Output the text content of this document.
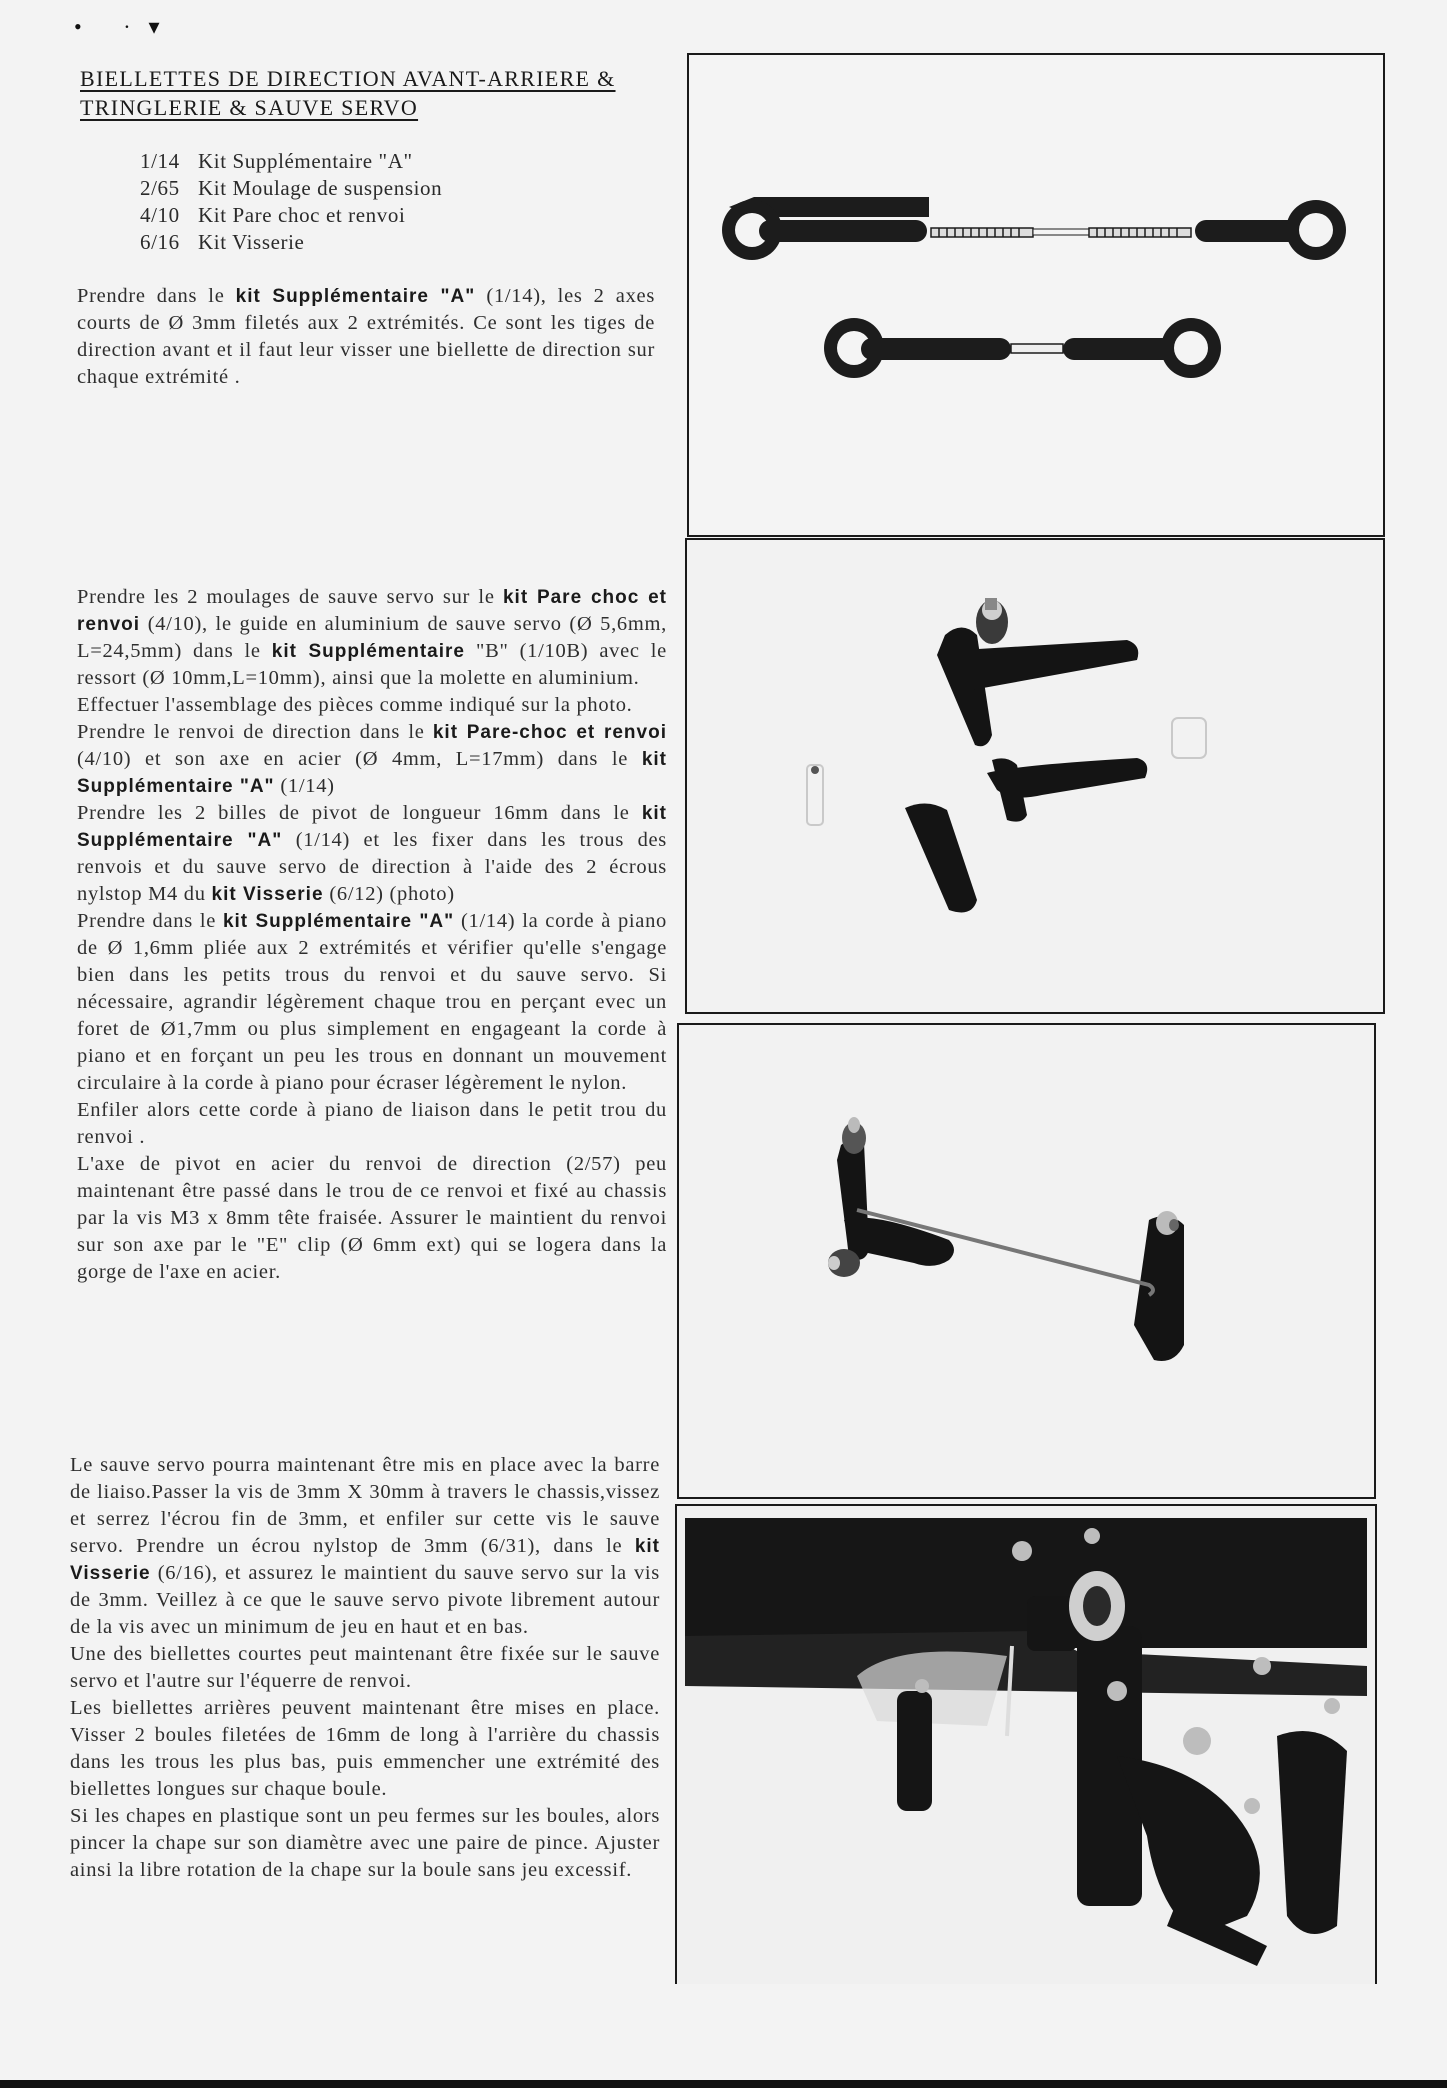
• ·▾
BIELLETTES DE DIRECTION AVANT-ARRIERE &
TRINGLERIE & SAUVE SERVO
1/14 Kit Supplémentaire "A"
2/65 Kit Moulage de suspension
4/10 Kit Pare choc et renvoi
6/16 Kit Visserie

Prendre dans le kit Supplémentaire "A" (1/14), les 2 axes courts de Ø 3mm filetés aux 2 extrémités. Ce sont les tiges de direction avant et il faut leur visser une biellette de direction sur chaque extrémité .

Prendre les 2 moulages de sauve servo sur le kit Pare choc et renvoi (4/10), le guide en aluminium de sauve servo (Ø 5,6mm, L=24,5mm) dans le kit Supplémentaire "B" (1/10B) avec le ressort (Ø 10mm,L=10mm), ainsi que la molette en aluminium.

Effectuer l'assemblage des pièces comme indiqué sur la photo.

Prendre le renvoi de direction dans le kit Pare-choc et renvoi (4/10) et son axe en acier (Ø 4mm, L=17mm) dans le kit Supplémentaire "A" (1/14)

Prendre les 2 billes de pivot de longueur 16mm dans le kit Supplémentaire "A" (1/14) et les fixer dans les trous des renvois et du sauve servo de direction à l'aide des 2 écrous nylstop M4 du kit Visserie (6/12) (photo)

Prendre dans le kit Supplémentaire "A" (1/14) la corde à piano de Ø 1,6mm pliée aux 2 extrémités et vérifier qu'elle s'engage bien dans les petits trous du renvoi et du sauve servo. Si nécessaire, agrandir légèrement chaque trou en perçant evec un foret de Ø1,7mm ou plus simplement en engageant la corde à piano et en forçant un peu les trous en donnant un mouvement circulaire à la corde à piano pour écraser légèrement le nylon.

Enfiler alors cette corde à piano de liaison dans le petit trou du renvoi .

L'axe de pivot en acier du renvoi de direction (2/57) peu maintenant être passé dans le trou de ce renvoi et fixé au chassis par la vis M3 x 8mm tête fraisée. Assurer le maintient du renvoi sur son axe par le "E" clip (Ø 6mm ext) qui se logera dans la gorge de l'axe en acier.

Le sauve servo pourra maintenant être mis en place avec la barre de liaiso.Passer la vis de 3mm X 30mm à travers le chassis,vissez et serrez l'écrou fin de 3mm, et enfiler sur cette vis le sauve servo. Prendre un écrou nylstop de 3mm (6/31), dans le kit Visserie (6/16), et assurez le maintient du sauve servo sur la vis de 3mm. Veillez à ce que le sauve servo pivote librement autour de la vis avec un minimum de jeu en haut et en bas.

Une des biellettes courtes peut maintenant être fixée sur le sauve servo et l'autre sur l'équerre de renvoi.

Les biellettes arrières peuvent maintenant être mises en place. Visser 2 boules filetées de 16mm de long à l'arrière du chassis dans les trous les plus bas, puis emmencher une extrémité des biellettes longues sur chaque boule.

Si les chapes en plastique sont un peu fermes sur les boules, alors pincer la chape sur son diamètre avec une paire de pince. Ajuster ainsi la libre rotation de la chape sur la boule sans jeu excessif.
